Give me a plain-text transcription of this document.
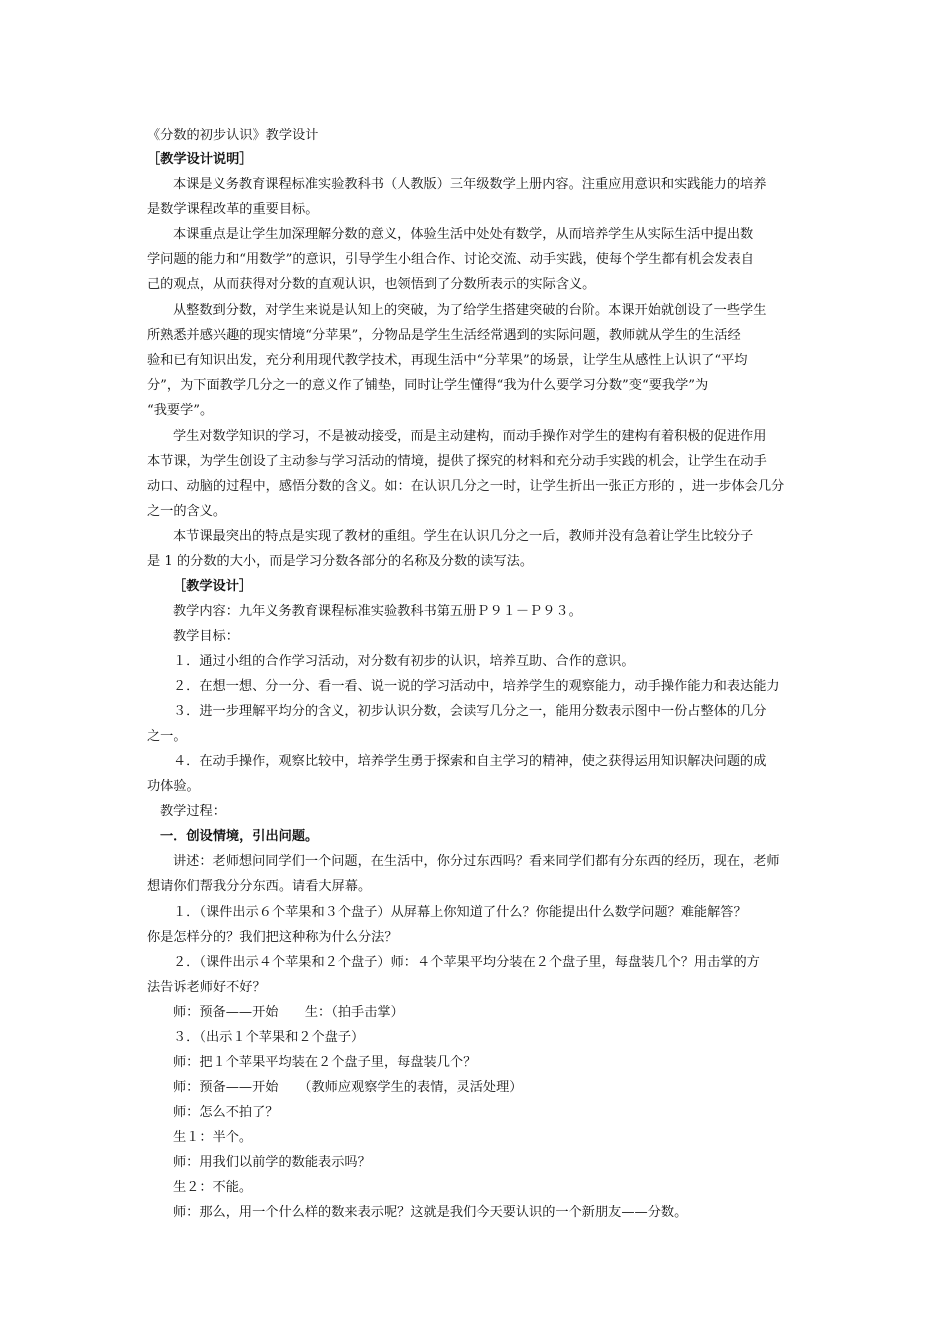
《分数的初步认识》教学设计
［教学设计说明］
本课是义务教育课程标准实验教科书（人教版）三年级数学上册内容。注重应用意识和实践能力的培养
是数学课程改革的重要目标。
本课重点是让学生加深理解分数的意义，体验生活中处处有数学，从而培养学生从实际生活中提出数
学问题的能力和“用数学”的意识，引导学生小组合作、讨论交流、动手实践，使每个学生都有机会发表自
己的观点，从而获得对分数的直观认识，也领悟到了分数所表示的实际含义。
从整数到分数，对学生来说是认知上的突破，为了给学生搭建突破的台阶。本课开始就创设了一些学生
所熟悉并感兴趣的现实情境“分苹果”，分物品是学生生活经常遇到的实际问题，教师就从学生的生活经
验和已有知识出发，充分利用现代教学技术，再现生活中“分苹果”的场景，让学生从感性上认识了“平均
分”，为下面教学几分之一的意义作了铺垫，同时让学生懂得“我为什么要学习分数”变“要我学”为
“我要学”。
学生对数学知识的学习，不是被动接受，而是主动建构，而动手操作对学生的建构有着积极的促进作用
本节课，为学生创设了主动参与学习活动的情境，提供了探究的材料和充分动手实践的机会，让学生在动手
动口、动脑的过程中，感悟分数的含义。如：在认识几分之一时，让学生折出一张正方形的 ，进一步体会几分
之一的含义。
本节课最突出的特点是实现了教材的重组。学生在认识几分之一后，教师并没有急着让学生比较分子
是 1 的分数的大小，而是学习分数各部分的名称及分数的读写法。
［教学设计］
教学内容：九年义务教育课程标准实验教科书第五册Ｐ９１－Ｐ９３。
教学目标：
１．通过小组的合作学习活动，对分数有初步的认识，培养互助、合作的意识。
２．在想一想、分一分、看一看、说一说的学习活动中，培养学生的观察能力，动手操作能力和表达能力
３．进一步理解平均分的含义，初步认识分数，会读写几分之一，能用分数表示图中一份占整体的几分
之一。
４．在动手操作，观察比较中，培养学生勇于探索和自主学习的精神，使之获得运用知识解决问题的成
功体验。
教学过程：
一．创设情境，引出问题。
讲述：老师想问同学们一个问题，在生活中，你分过东西吗？看来同学们都有分东西的经历，现在，老师
想请你们帮我分分东西。请看大屏幕。
１．（课件出示６个苹果和３个盘子）从屏幕上你知道了什么？你能提出什么数学问题？难能解答？
你是怎样分的？我们把这种称为什么分法？
２．（课件出示４个苹果和２个盘子）师：４个苹果平均分装在２个盘子里，每盘装几个？用击掌的方
法告诉老师好不好？
师：预备——开始　　生：（拍手击掌）
３．（出示１个苹果和２个盘子）
师：把１个苹果平均装在２个盘子里，每盘装几个？
师：预备——开始　　（教师应观察学生的表情，灵活处理）
师：怎么不拍了？
生１：半个。
师：用我们以前学的数能表示吗？
生２：不能。
师：那么，用一个什么样的数来表示呢？这就是我们今天要认识的一个新朋友——分数。
